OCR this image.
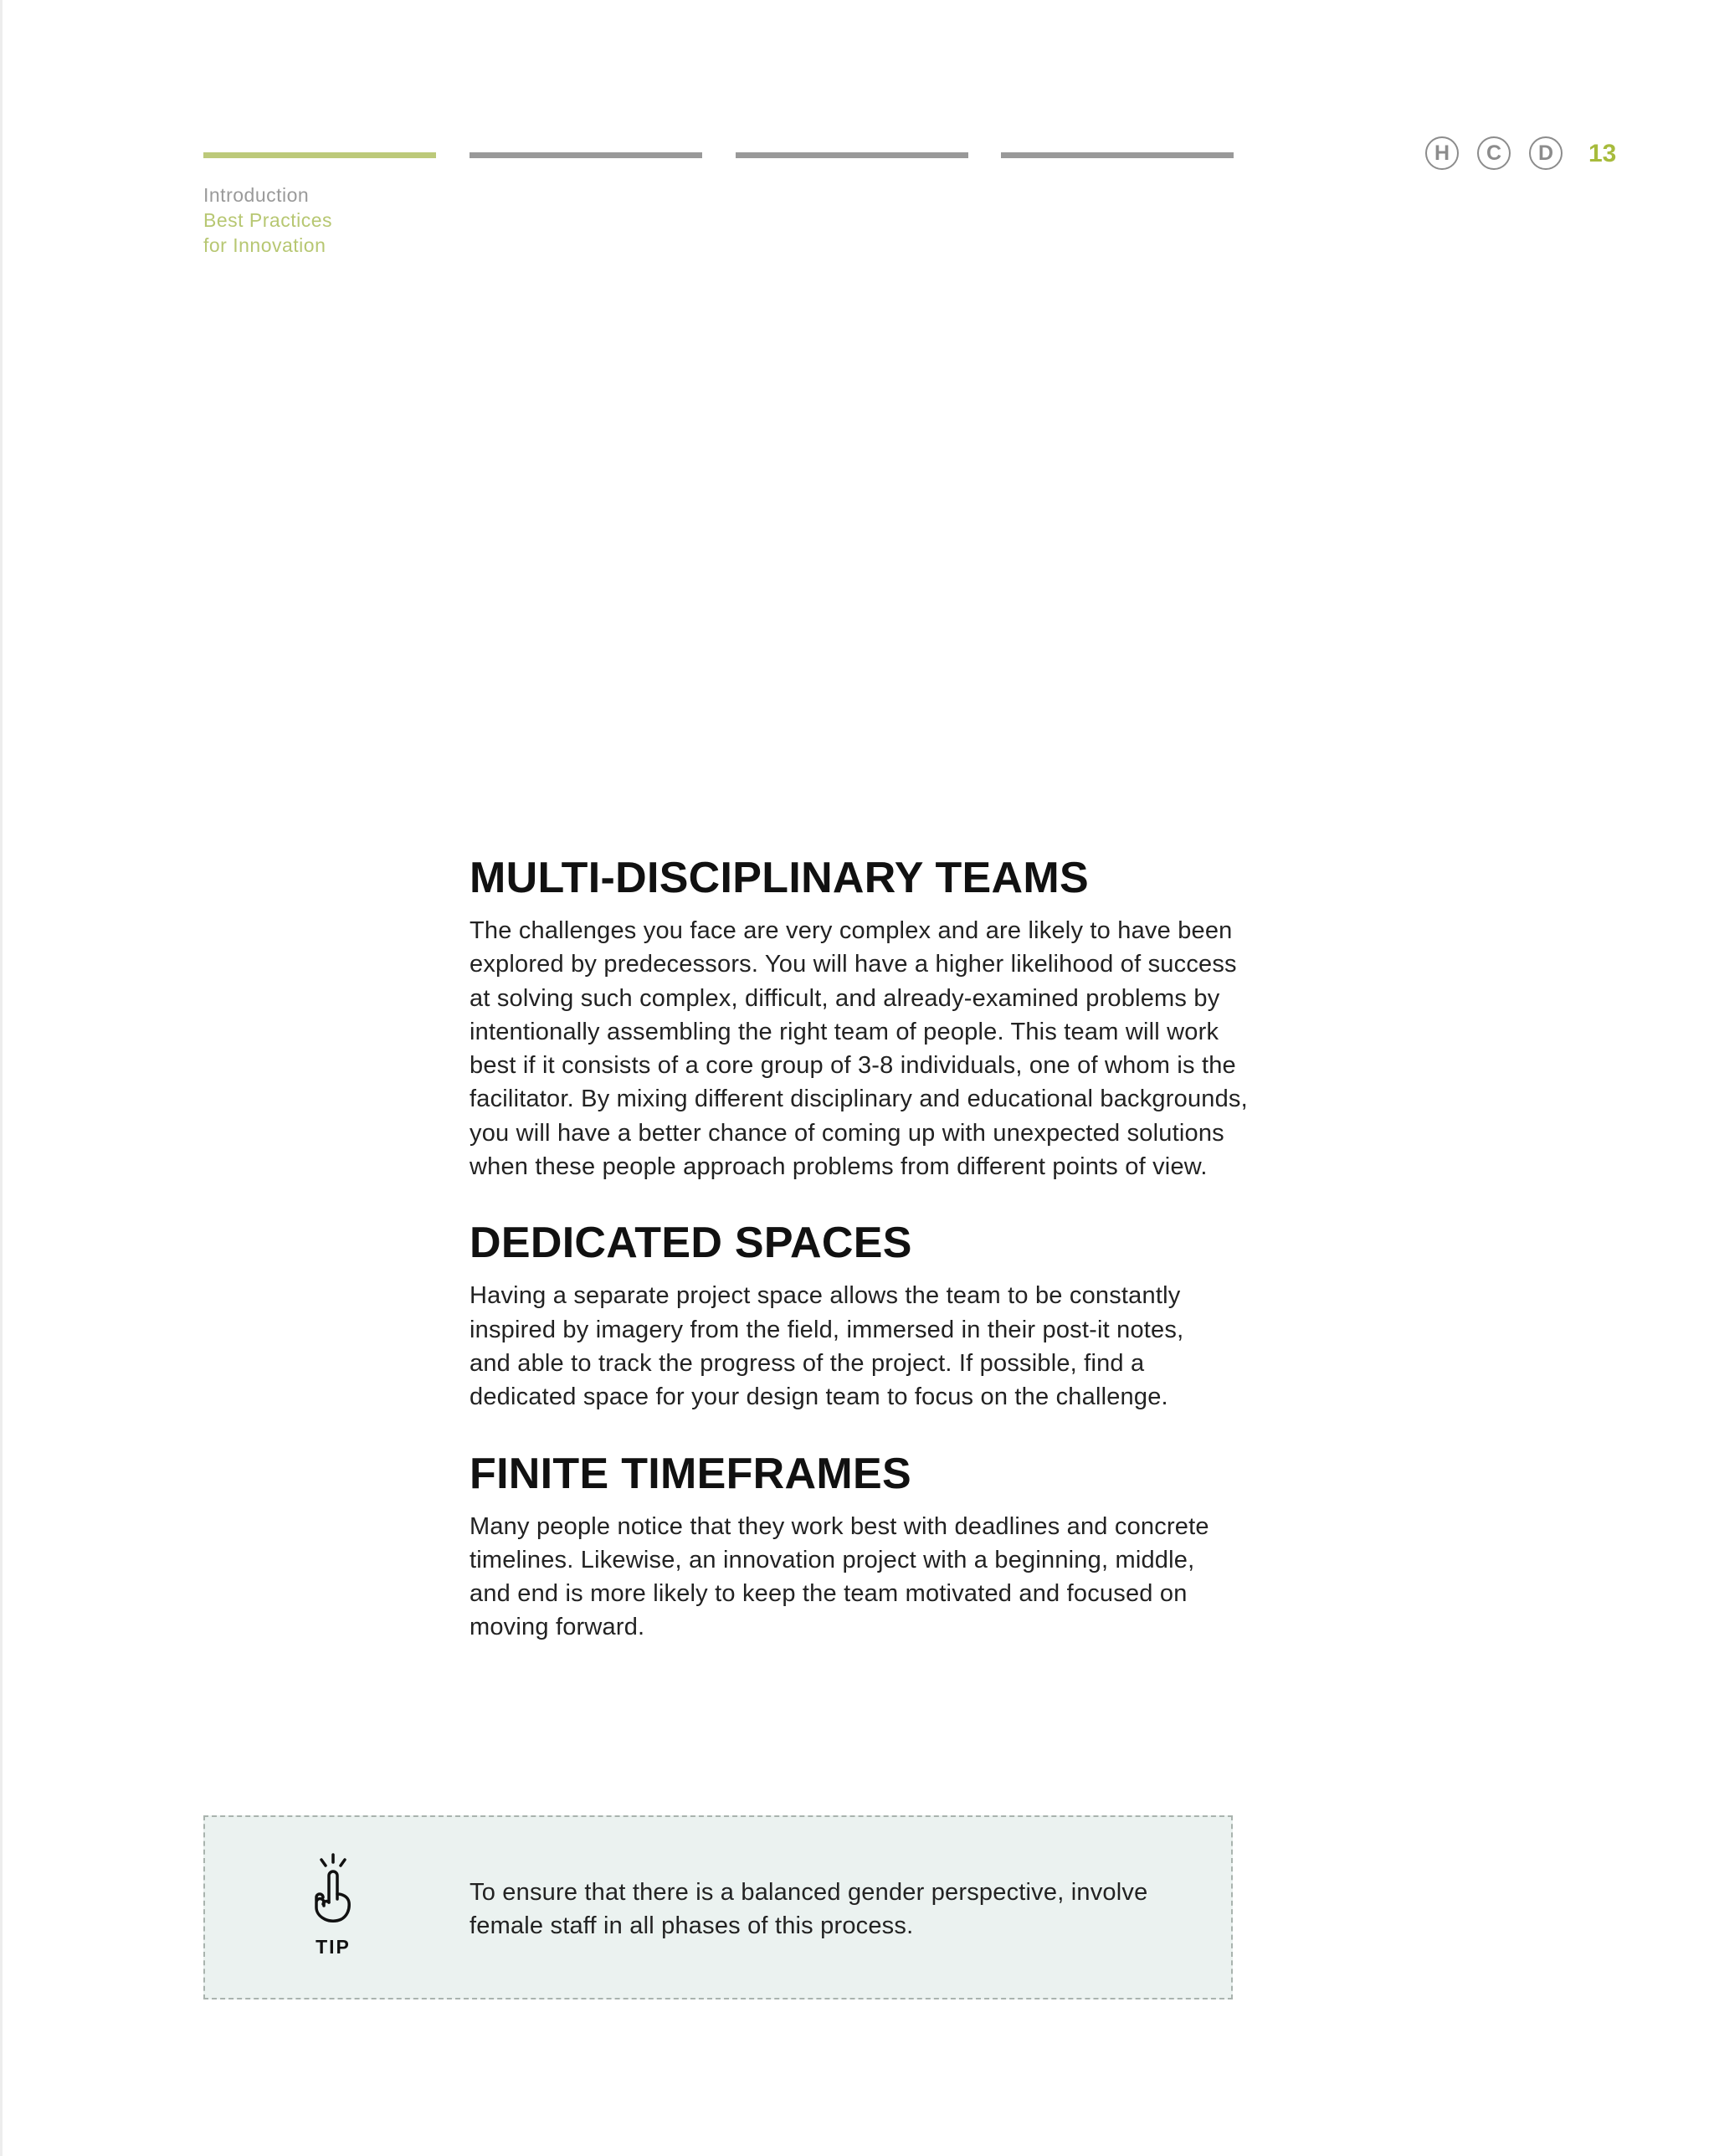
Introduction
Best Practices
for Innovation
H	C	D	13
MULTI-DISCIPLINARY TEAMS

The challenges you face are very complex and are likely to have been explored by predecessors. You will have a higher likelihood of success at solving such complex, difficult, and already-examined problems by intentionally assembling the right team of people. This team will work best if it consists of a core group of 3-8 individuals, one of whom is the facilitator. By mixing different disciplinary and educational backgrounds, you will have a better chance of coming up with unexpected solutions when these people approach problems from different points of view.

DEDICATED SPACES

Having a separate project space allows the team to be constantly inspired by imagery from the field, immersed in their post-it notes, and able to track the progress of the project. If possible, find a dedicated space for your design team to focus on the challenge.

FINITE TIMEFRAMES

Many people notice that they work best with deadlines and concrete timelines. Likewise, an innovation project with a beginning, middle, and end is more likely to keep the team motivated and focused on moving forward.

TIP

To ensure that there is a balanced gender perspective, involve female staff in all phases of this process.
